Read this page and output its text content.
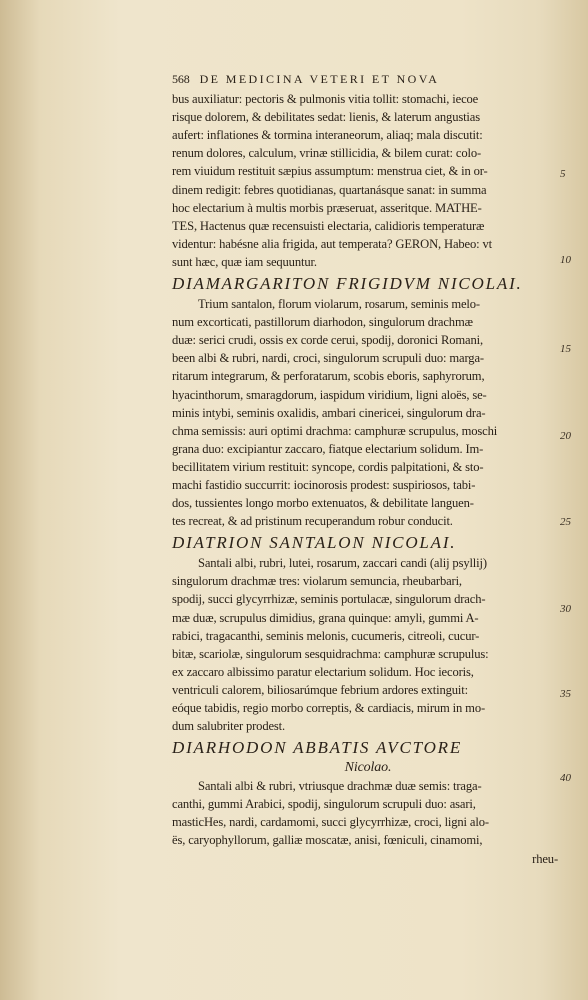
568 DE MEDICINA VETERI ET NOVA
bus auxiliatur: pectoris & pulmonis vitia tollit: stomachi, iecoe
risque dolorem, & debilitates sedat: lienis, & laterum angustias
aufert: inflationes & tormina interaneorum, aliaq; mala discutit:
renum dolores, calculum, vrinæ stillicidia, & bilem curat: colo-
rem viuidum restituit sæpius assumptum: menstrua ciet, & in or-
dinem redigit: febres quotidianas, quartanásque sanat: in summa
hoc electarium à multis morbis præseruat, asseritque. MATHE-
TES, Hactenus quæ recensuisti electaria, calidioris temperaturæ
videntur: habésne alia frigida, aut temperata? GERON, Habeo: vt
sunt hæc, quæ iam sequuntur.
DIAMARGARITON FRIGIDVM NICOLAI.
Trium santalon, florum violarum, rosarum, seminis melo-
num excorticati, pastillorum diarhodon, singulorum drachmæ
duæ: serici crudi, ossis ex corde cerui, spodij, doronici Romani,
been albi & rubri, nardi, croci, singulorum scrupuli duo: marga-
ritarum integrarum, & perforatarum, scobis eboris, saphyrorum,
hyacinthorum, smaragdorum, iaspidum viridium, ligni aloës, se-
minis intybi, seminis oxalidis, ambari cinericei, singulorum dra-
chma semissis: auri optimi drachma: camphuræ scrupulus, moschi
grana duo: excipiantur zaccaro, fiatque electarium solidum. Im-
becillitatem virium restituit: syncope, cordis palpitationi, & sto-
machi fastidio succurrit: iocinorosis prodest: suspiriosos, tabi-
dos, tussientes longo morbo extenuatos, & debilitate languen-
tes recreat, & ad pristinum recuperandum robur conducit.
DIATRION SANTALON NICOLAI.
Santali albi, rubri, lutei, rosarum, zaccari candi (alij psyllij)
singulorum drachmæ tres: violarum semuncia, rheubarbari,
spodij, succi glycyrrhizæ, seminis portulacæ, singulorum drach-
mæ duæ, scrupulus dimidius, grana quinque: amyli, gummi A-
rabici, tragacanthi, seminis melonis, cucumeris, citreoli, cucur-
bitæ, scariolæ, singulorum sesquidrachma: camphuræ scrupulus:
ex zaccaro albissimo paratur electarium solidum. Hoc iecoris,
ventriculi calorem, biliosarúmque febrium ardores extinguit:
eóque tabidis, regio morbo correptis, & cardiacis, mirum in mo-
dum salubriter prodest.
DIARHODON ABBATIS AVCTORE
Nicolao.
Santali albi & rubri, vtriusque drachmæ duæ semis: traga-
canthi, gummi Arabici, spodij, singulorum scrupuli duo: asari,
masticHes, nardi, cardamomi, succi glycyrrhizæ, croci, ligni alo-
ës, caryophyllorum, galliæ moscatæ, anisi, fœniculi, cinamomi,
rheu-
5
10
15
20
25
30
35
40
